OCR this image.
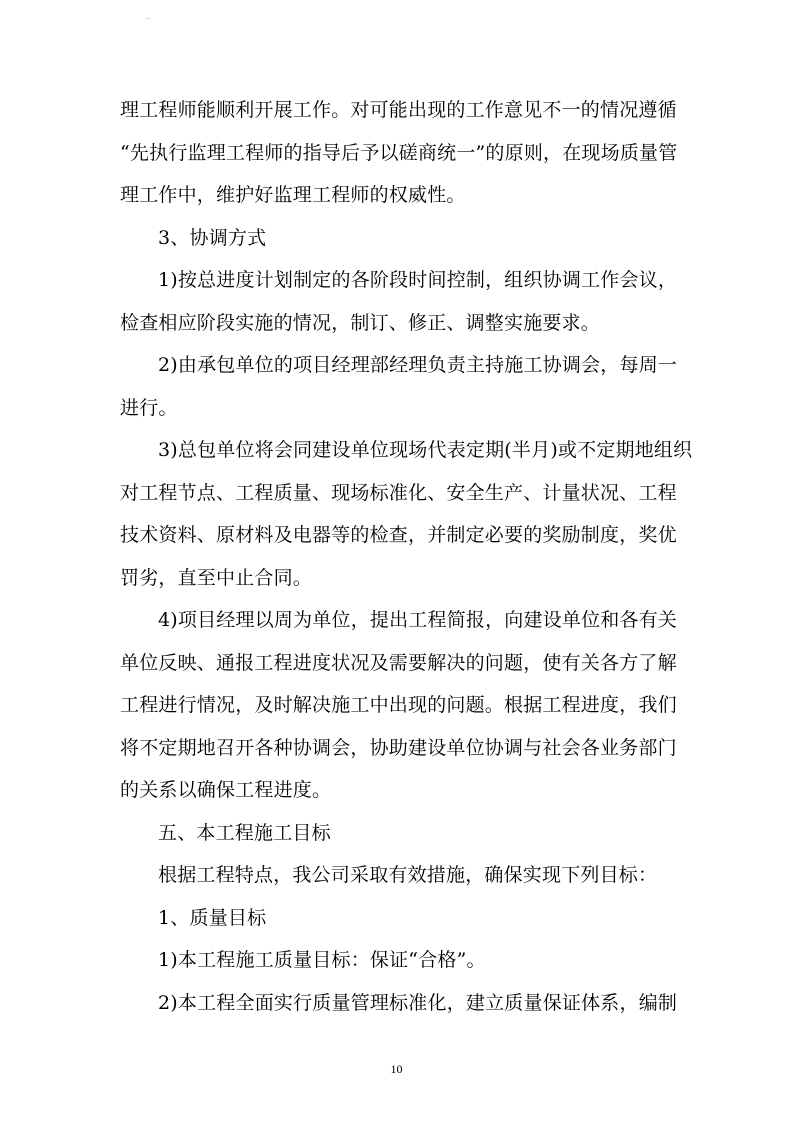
..
理工程师能顺利开展工作。对可能出现的工作意见不一的情况遵循
“先执行监理工程师的指导后予以磋商统一”的原则，在现场质量管
理工作中，维护好监理工程师的权威性。
3、协调方式
1)按总进度计划制定的各阶段时间控制，组织协调工作会议，
检查相应阶段实施的情况，制订、修正、调整实施要求。
2)由承包单位的项目经理部经理负责主持施工协调会，每周一
进行。
3)总包单位将会同建设单位现场代表定期(半月)或不定期地组织
对工程节点、工程质量、现场标准化、安全生产、计量状况、工程
技术资料、原材料及电器等的检查，并制定必要的奖励制度，奖优
罚劣，直至中止合同。
4)项目经理以周为单位，提出工程简报，向建设单位和各有关
单位反映、通报工程进度状况及需要解决的问题，使有关各方了解
工程进行情况，及时解决施工中出现的问题。根据工程进度，我们
将不定期地召开各种协调会，协助建设单位协调与社会各业务部门
的关系以确保工程进度。
五、本工程施工目标
根据工程特点，我公司采取有效措施，确保实现下列目标：
1、质量目标
1)本工程施工质量目标：保证“合格”。
2)本工程全面实行质量管理标准化，建立质量保证体系，编制
10
